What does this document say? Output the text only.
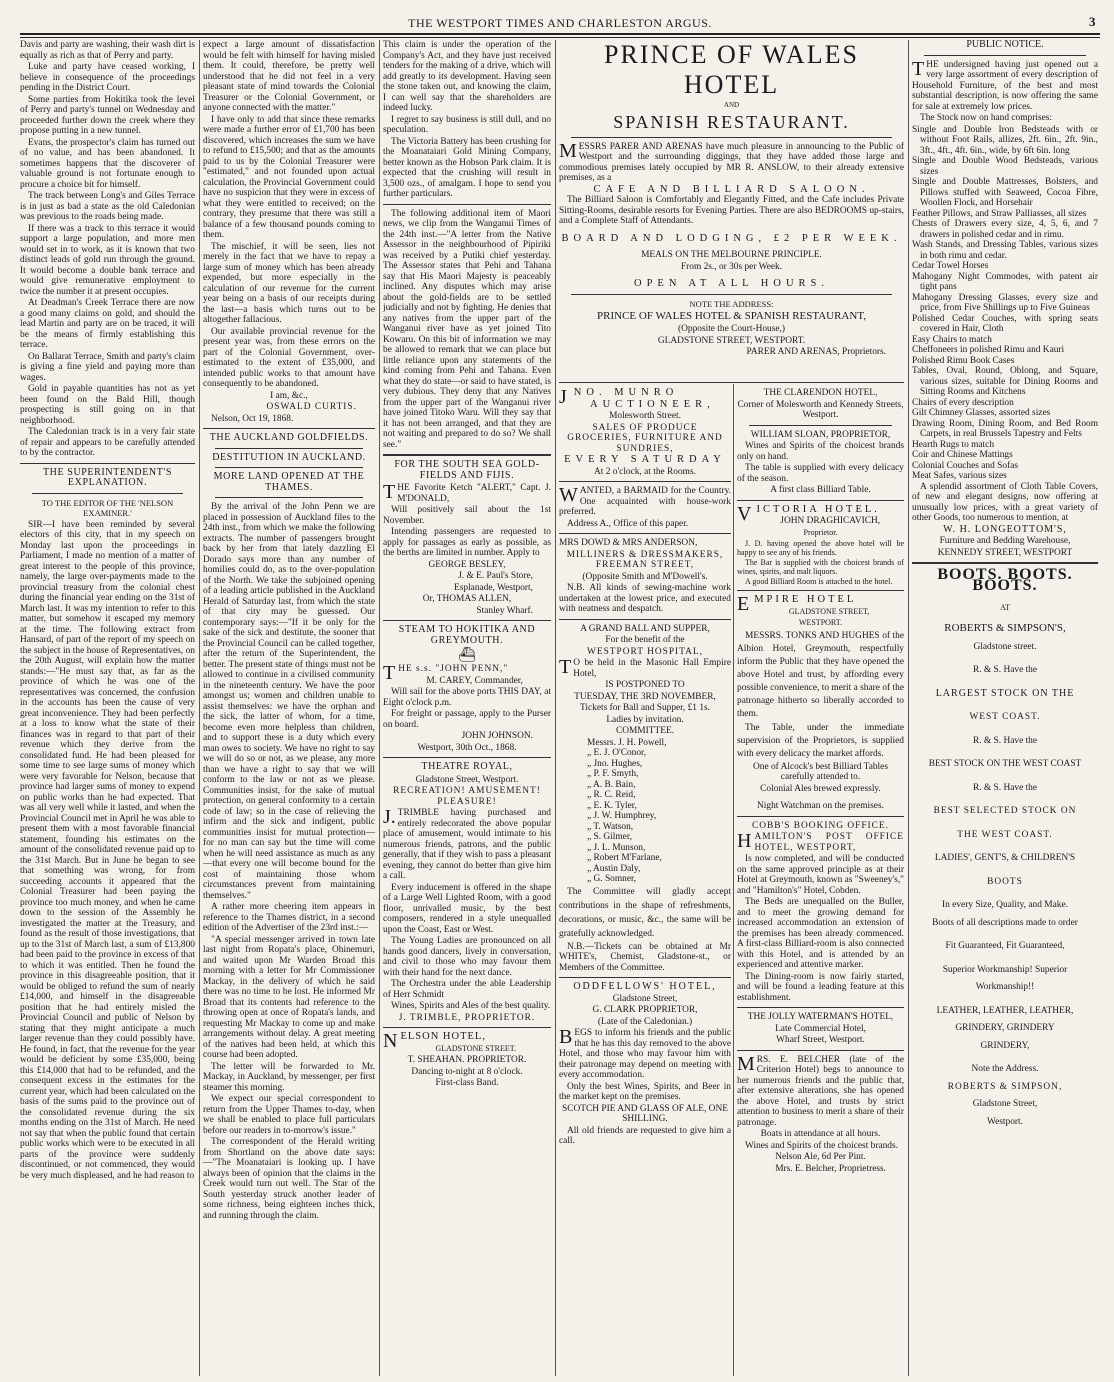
THE WESTPORT TIMES AND CHARLESTON ARGUS.	3

Davis and party are washing, their wash dirt is equally as rich as that of Perry and party.

Luke and party have ceased working, I believe in consequence of the proceedings pending in the District Court.

Some parties from Hokitika took the level of Perry and party's tunnel on Wednesday and proceeded further down the creek where they propose putting in a new tunnel.

Evans, the prospector's claim has turned out of no value, and has been abandoned. It sometimes happens that the discoverer of valuable ground is not fortunate enough to procure a choice bit for himself.

The track between Long's and Giles Terrace is in just as bad a state as the old Caledonian was previous to the roads being made.

If there was a track to this terrace it would support a large population, and more men would set in to work, as it is known that two distinct leads of gold run through the ground. It would become a double bank terrace and would give remunerative employment to twice the number it at present occupies.

At Deadman's Creek Terrace there are now a good many claims on gold, and should the lead Martin and party are on be traced, it will be the means of firmly establishing this terrace.

On Ballarat Terrace, Smith and party's claim is giving a fine yield and paying more than wages.

Gold in payable quantities has not as yet been found on the Bald Hill, though prospecting is still going on in that neighborhood.

The Caledonian track is in a very fair state of repair and appears to be carefully attended to by the contractor.

THE SUPERINTENDENT'S EXPLANATION.

TO THE EDITOR OF THE 'NELSON EXAMINER.'

SIR—I have been reminded by several electors of this city, that in my speech on Monday last upon the proceedings in Parliament, I made no mention of a matter of great interest to the people of this province, namely, the large over-payments made to the provincial treasury from the colonial chest during the financial year ending on the 31st of March last. It was my intention to refer to this matter, but somehow it escaped my memory at the time. The following extract from Hansard, of part of the report of my speech on the subject in the house of Representatives, on the 20th August, will explain how the matter stands:—"He must say that, as far as the province of which he was one of the representatives was concerned, the confusion in the accounts has been the cause of very great inconvenience. They had been perfectly at a loss to know what the state of their finances was in regard to that part of their revenue which they derive from the consolidated fund. He had been pleased for some time to see large sums of money which were very favorable for Nelson, because that province had larger sums of money to expend on public works than he had expected. That was all very well while it lasted, and when the Provincial Council met in April he was able to present them with a most favorable financial statement, founding his estimates on the amount of the consolidated revenue paid up to the 31st March. But in June he began to see that something was wrong, for from succeeding accounts it appeared that the Colonial Treasurer had been paying the province too much money, and when he came down to the session of the Assembly he investigated the matter at the Treasury, and found as the result of those investigations, that up to the 31st of March last, a sum of £13,800 had been paid to the province in excess of that to which it was entitled. Then he found the province in this disagreeable position, that it would be obliged to refund the sum of nearly £14,000, and himself in the disagreeable position that he had entirely misled the Provincial Council and public of Nelson by stating that they might anticipate a much larger revenue than they could possibly have. He found, in fact, that the revenue for the year would be deficient by some £35,000, being this £14,000 that had to be refunded, and the consequent excess in the estimates for the current year, which had been calculated on the basis of the sums paid to the province out of the consolidated revenue during the six months ending on the 31st of March. He need not say that when the public found that certain public works which were to be executed in all parts of the province were suddenly discontinued, or not commenced, they would be very much displeased, and he had reason to

expect a large amount of dissatisfaction would be felt with himself for having misled them. It could, therefore, be pretty well understood that he did not feel in a very pleasant state of mind towards the Colonial Treasurer or the Colonial Government, or anyone connected with the matter."

I have only to add that since these remarks were made a further error of £1,700 has been discovered, which increases the sum we have to refund to £15,500; and that as the amounts paid to us by the Colonial Treasurer were "estimated," and not founded upon actual calculation, the Provincial Government could have no suspicion that they were in excess of what they were entitled to received; on the contrary, they presume that there was still a balance of a few thousand pounds coming to them.

The mischief, it will be seen, lies not merely in the fact that we have to repay a large sum of money which has been already expended, but more especially in the calculation of our revenue for the current year being on a basis of our receipts during the last—a basis which turns out to be altogether fallacious.

Our available provincial revenue for the present year was, from these errors on the part of the Colonial Government, over-estimated to the extent of £35,000, and intended public works to that amount have consequently to be abandoned.

I am, &c.,

OSWALD CURTIS.

Nelson, Oct 19, 1868.

THE AUCKLAND GOLDFIELDS.
DESTITUTION IN AUCKLAND.
MORE LAND OPENED AT THE THAMES.

By the arrival of the John Penn we are placed in possession of Auckland files to the 24th inst., from which we make the following extracts. The number of passengers brought back by her from that lately dazzling El Dorado says more than any number of homilies could do, as to the over-population of the North. We take the subjoined opening of a leading article published in the Auckland Herald of Saturday last, from which the state of that city may be guessed. Our contemporary says:—"If it be only for the sake of the sick and destitute, the sooner that the Provincial Council can be called together, after the return of the Superintendent, the better. The present state of things must not be allowed to continue in a civilised community in the nineteenth century. We have the poor amongst us; women and children unable to assist themselves: we have the orphan and the sick, the latter of whom, for a time, become even more helpless than children, and to support these is a duty which every man owes to society. We have no right to say we will do so or not, as we please, any more than we have a right to say that we will conform to the law or not as we please. Communities insist, for the sake of mutual protection, on general conformity to a certain code of law; so in the case of relieving the infirm and the sick and indigent, public communities insist for mutual protection—for no man can say but the time will come when he will need assistance as much as any—that every one will become bound for the cost of maintaining those whom circumstances prevent from maintaining themselves."

A rather more cheering item appears in reference to the Thames district, in a second edition of the Advertiser of the 23rd inst.:—

"A special messenger arrived in town late last night from Ropata's place, Ohinemuri, and waited upon Mr Warden Broad this morning with a letter for Mr Commissioner Mackay, in the delivery of which he said there was no time to be lost. He informed Mr Broad that its contents had reference to the throwing open at once of Ropata's lands, and requesting Mr Mackay to come up and make arrangements without delay. A great meeting of the natives had been held, at which this course had been adopted.

The letter will be forwarded to Mr. Mackay, in Auckland, by messenger, per first steamer this morning.

We expect our special correspondent to return from the Upper Thames to-day, when we shall be enabled to place full particulars before our readers in to-morrow's issue."

The correspondent of the Herald writing from Shortland on the above date says:—"The Moanataiari is looking up. I have always been of opinion that the claims in the Creek would turn out well. The Star of the South yesterday struck another leader of some richness, being eighteen inches thick, and running through the claim.

This claim is under the operation of the Company's Act, and they have just received tenders for the making of a drive, which will add greatly to its development. Having seen the stone taken out, and knowing the claim, I can well say that the shareholders are indeed lucky.

I regret to say business is still dull, and no speculation.

The Victoria Battery has been crushing for the Moanataiari Gold Mining Company, better known as the Hobson Park claim. It is expected that the crushing will result in 3,500 ozs., of amalgam. I hope to send you further particulars.

The following additional item of Maori news, we clip from the Wanganui Times of the 24th inst.—"A letter from the Native Assessor in the neighbourhood of Pipiriki was received by a Putiki chief yesterday. The Assessor states that Pehi and Tahana say that His Maori Majesty is peaceably inclined. Any disputes which may arise about the gold-fields are to be settled judicially and not by fighting. He denies that any natives from the upper part of the Wanganui river have as yet joined Tito Kowaru. On this bit of information we may be allowed to remark that we can place but little reliance upon any statements of the kind coming from Pehi and Tahana. Even what they do state—or said to have stated, is very dubious. They deny that any Natives from the upper part of the Wanganui river have joined Titoko Waru. Will they say that it has not been arranged, and that they are not waiting and prepared to do so? We shall see."

FOR THE SOUTH SEA GOLD-FIELDS AND FIJIS.

THE Favorite Ketch "ALERT," Capt. J. M'DONALD,

Will positively sail about the 1st November.

Intending passengers are requested to apply for passages as early as possible, as the berths are limited in number. Apply to

GEORGE BESLEY,

J. & E. Paul's Store,

Esplanade, Westport,

Or, THOMAS ALLEN,

Stanley Wharf.

STEAM TO HOKITIKA AND GREYMOUTH.
⛴

THE s.s. "JOHN PENN,"

M. CAREY, Commander,

Will sail for the above ports THIS DAY, at Eight o'clock p.m.

For freight or passage, apply to the Purser on board.

JOHN JOHNSON.

Westport, 30th Oct., 1868.

THEATRE ROYAL,

Gladstone Street, Westport.

RECREATION! AMUSEMENT! PLEASURE!

J.TRIMBLE having purchased and entirely redecorated the above popular place of amusement, would intimate to his numerous friends, patrons, and the public generally, that if they wish to pass a pleasant evening, they cannot do better than give him a call.

Every inducement is offered in the shape of a Large Well Lighted Room, with a good floor, unrivalled music, by the best composers, rendered in a style unequalled upon the Coast, East or West.

The Young Ladies are pronounced on all hands good dancers, lively in conversation, and civil to those who may favour them with their hand for the next dance.

The Orchestra under the able Leadership of Herr Schmidt

Wines, Spirits and Ales of the best quality.

J. TRIMBLE, PROPRIETOR.

NELSON HOTEL,

GLADSTONE STREET.

T. SHEAHAN. PROPRIETOR.

Dancing to-night at 8 o'clock.

First-class Band.

PRINCE OF WALES HOTEL
AND
SPANISH RESTAURANT.

MESSRS PARER AND ARENAS have much pleasure in announcing to the Public of Westport and the surrounding diggings, that they have added those large and commodious premises lately occupied by MR R. ANSLOW, to their already extensive premises, as a

CAFE AND BILLIARD SALOON.

The Billiard Saloon is Comfortably and Elegantly Fitted, and the Cafe includes Private Sitting-Rooms, desirable resorts for Evening Parties. There are also BEDROOMS up-stairs, and a Complete Staff of Attendants.

BOARD AND LODGING, £2 PER WEEK.

MEALS ON THE MELBOURNE PRINCIPLE.

From 2s., or 30s per Week.

OPEN AT ALL HOURS.

NOTE THE ADDRESS:

PRINCE OF WALES HOTEL & SPANISH RESTAURANT,

(Opposite the Court-House,)

GLADSTONE STREET, WESTPORT.

PARER AND ARENAS, Proprietors.

JNO. MUNRO

AUCTIONEER,

Molesworth Street.

SALES OF PRODUCE GROCERIES, FURNITURE AND SUNDRIES,

EVERY SATURDAY

At 2 o'clock, at the Rooms.

WANTED, a BARMAID for the Country. One acquainted with house-work preferred.

Address A., Office of this paper.

MRS DOWD & MRS ANDERSON,

MILLINERS & DRESSMAKERS, FREEMAN STREET,

(Opposite Smith and M'Dowell's.

N.B. All kinds of sewing-machine work undertaken at the lowest price, and executed with neatness and despatch.

A GRAND BALL AND SUPPER,

For the benefit of the

WESTPORT HOSPITAL,

TO be held in the Masonic Hall Empire Hotel,

IS POSTPONED TO

TUESDAY, THE 3RD NOVEMBER,

Tickets for Ball and Supper, £1 1s.

Ladies by invitation.

COMMITTEE.

Messrs. J. H. Powell,
„ E. J. O'Conor,
„ Jno. Hughes,
„ P. F. Smyth,
„ A. B. Bain,
„ R. C. Reid,
„ E. K. Tyler,
„ J. W. Humphrey,
„ T. Watson,
„ S. Gilmer,
„ J. L. Munson,
„ Robert M'Farlane,
„ Austin Daly,
„ G. Somner,

The Committee will gladly accept contributions in the shape of refreshments, decorations, or music, &c., the same will be gratefully acknowledged.

N.B.—Tickets can be obtained at Mr WHITE's, Chemist, Gladstone-st., or Members of the Committee.

ODDFELLOWS' HOTEL,

Gladstone Street,

G. CLARK PROPRIETOR,

(Late of the Caledonian.)

BEGS to inform his friends and the public that he has this day removed to the above Hotel, and those who may favour him with their patronage may depend on meeting with every accommodation.

Only the best Wines, Spirits, and Beer in the market kept on the premises.

SCOTCH PIE AND GLASS OF ALE, ONE SHILLING.

All old friends are requested to give him a call.

THE CLARENDON HOTEL,

Corner of Molesworth and Kennedy Streets, Westport.

WILLIAM SLOAN, PROPRIETOR,

Wines and Spirits of the choicest brands only on hand.

The table is supplied with every delicacy of the season.

A first class Billiard Table.

VICTORIA HOTEL.

JOHN DRAGHICAVICH,

Proprietor.

J. D. having opened the above hotel will be happy to see any of his friends.

The Bar is supplied with the choicest brands of wines, spirits, and malt liquors.

A good Billiard Room is attached to the hotel.

EMPIRE HOTEL

GLADSTONE STREET,

WESTPORT.

MESSRS. TONKS AND HUGHES of the Albion Hotel, Greymouth, respectfully inform the Public that they have opened the above Hotel and trust, by affording every possible convenience, to merit a share of the patronage hitherto so liberally accorded to them.

The Table, under the immediate supervision of the Proprietors, is supplied with every delicacy the market affords.

One of Alcock's best Billiard Tables carefully attended to.

Colonial Ales brewed expressly.

Night Watchman on the premises.

COBB'S BOOKING OFFICE.

HAMILTON'S POST OFFICE HOTEL, WESTPORT,

Is now completed, and will be conducted on the same approved principle as at their Hotel at Greymouth, known as "Sweeney's," and "Hamilton's" Hotel, Cobden.

The Beds are unequalled on the Buller, and to meet the growing demand for increased accommodation an extension of the premises has been already commenced. A first-class Billiard-room is also connected with this Hotel, and is attended by an experienced and attentive marker.

The Dining-room is now fairly started, and will be found a leading feature at this establishment.

THE JOLLY WATERMAN'S HOTEL,

Late Commercial Hotel,

Wharf Street, Westport.

MRS. E. BELCHER (late of the Criterion Hotel) begs to announce to her numerous friends and the public that, after extensive alterations, she has opened the above Hotel, and trusts by strict attention to business to merit a share of their patronage.

Boats in attendance at all hours.

Wines and Spirits of the choicest brands.

Nelson Ale, 6d Per Pint.

Mrs. E. Belcher, Proprietress.

PUBLIC NOTICE.

THE undersigned having just opened out a very large assortment of every description of Household Furniture, of the best and most substantial description, is now offering the same for sale at extremely low prices.

The Stock now on hand comprises:

Single and Double Iron Bedsteads with or without Foot Rails, allizes, 2ft. 6in., 2ft. 9in., 3ft., 4ft., 4ft. 6in., wide, by 6ft 6in. long
Single and Double Wood Bedsteads, various sizes
Single and Double Mattresses, Bolsters, and Pillows stuffed with Seaweed, Cocoa Fibre, Woollen Flock, and Horsehair
Feather Pillows, and Straw Palliasses, all sizes
Chests of Drawers every size, 4, 5, 6, and 7 drawers in polished cedar and in rimu.
Wash Stands, and Dressing Tables, various sizes in both rimu and cedar.
Cedar Towel Horses
Mahogany Night Commodes, with patent air tight pans
Mahogany Dressing Glasses, every size and price, from Five Shillings up to Five Guineas
Polished Cedar Couches, with spring seats covered in Hair, Cloth
Easy Chairs to match
Cheffoneers in polished Rimu and Kauri
Polished Rimu Book Cases
Tables, Oval, Round, Oblong, and Square, various sizes, suitable for Dining Rooms and Sitting Rooms and Kitchens
Chairs of every description
Gilt Chimney Glasses, assorted sizes
Drawing Room, Dining Room, and Bed Room Carpets, in real Brussels Tapestry and Felts
Hearth Rugs to match
Coir and Chinese Mattings
Colonial Couches and Sofas
Meat Safes, various sizes

A splendid assortment of Cloth Table Covers, of new and elegant designs, now offering at unusually low prices, with a great variety of other Goods, too numerous to mention, at

W. H. LONGEOTTOM'S,

Furniture and Bedding Warehouse,

KENNEDY STREET, WESTPORT

BOOTS. BOOTS. BOOTS.

AT

ROBERTS & SIMPSON'S,

Gladstone street.

R. & S. Have the

LARGEST STOCK ON THE

WEST COAST.

R. & S. Have the

BEST STOCK ON THE WEST COAST

R. & S. Have the

BEST SELECTED STOCK ON

THE WEST COAST.

LADIES', GENT'S, & CHILDREN'S

BOOTS

In every Size, Quality, and Make.

Boots of all descriptions made to order

Fit Guaranteed, Fit Guaranteed,

Superior Workmanship! Superior

Workmanship!!

LEATHER, LEATHER, LEATHER,

GRINDERY, GRINDERY

GRINDERY,

Note the Address.

ROBERTS & SIMPSON,

Gladstone Street,

Westport.
